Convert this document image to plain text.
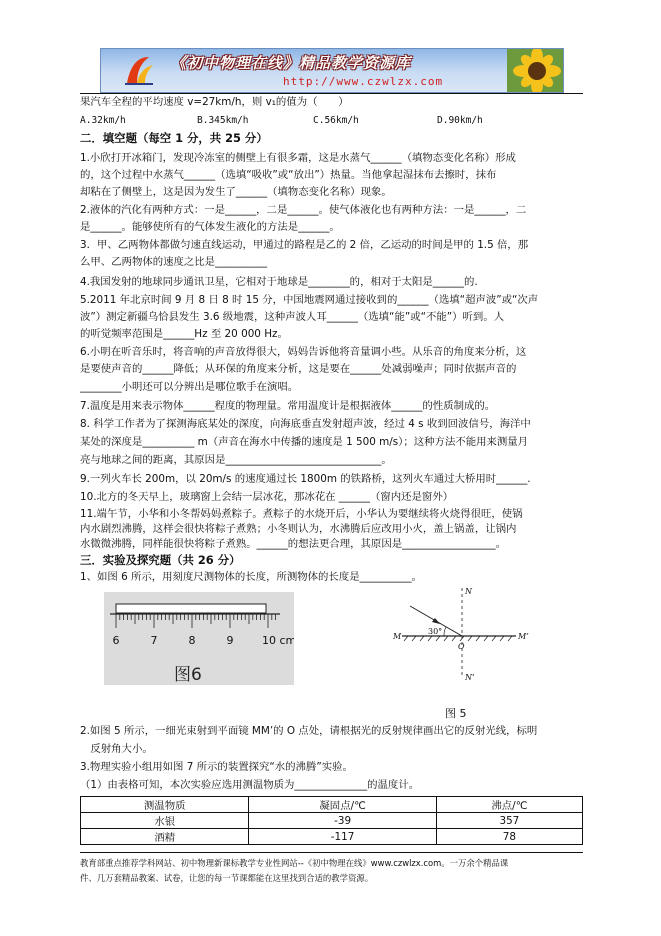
《初中物理在线》精品教学资源库
http://www.czwlzx.com
果汽车全程的平均速度 v=27km/h，则 v₁的值为（　　）
A.32km/h	B.345km/h	C.56km/h	D.90km/h
二．填空题（每空 1 分，共 25 分）
1.小欣打开冰箱门，发现冷冻室的侧壁上有很多霜，这是水蒸气______（填物态变化名称）形成
的，这个过程中水蒸气______（选填“吸收”或“放出”）热量。当他拿起湿抹布去擦时，抹布
却粘在了侧壁上，这是因为发生了______（填物态变化名称）现象。
2.液体的汽化有两种方式：一是______，二是______。使气体液化也有两种方法：一是______，二
是______。能够使所有的气体发生液化的方法是______。
3．甲、乙两物体都做匀速直线运动，甲通过的路程是乙的 2 倍，乙运动的时间是甲的 1.5 倍，那
么甲、乙两物体的速度之比是__________
4.我国发射的地球同步通讯卫星，它相对于地球是________的，相对于太阳是______的.
5.2011 年北京时间 9 月 8 日 8 时 15 分，中国地震网通过接收到的______（选填“超声波”或“次声
波”）测定新疆乌恰县发生 3.6 级地震，这种声波人耳______（选填“能”或“不能”）听到。人
的听觉频率范围是______Hz 至 20 000 Hz。
6.小明在听音乐时，将音响的声音放得很大，妈妈告诉他将音量调小些。从乐音的角度来分析，这
是要使声音的______降低；从环保的角度来分析，这是要在______处减弱噪声；同时依据声音的
________小明还可以分辨出是哪位歌手在演唱。
7.温度是用来表示物体______程度的物理量。常用温度计是根据液体______的性质制成的。
8. 科学工作者为了探测海底某处的深度，向海底垂直发射超声波，经过 4 s 收到回波信号，海洋中
某处的深度是__________ m（声音在海水中传播的速度是 1 500 m/s）；这种方法不能用来测量月
亮与地球之间的距离，其原因是______________________________。
9.一列火车长 200m，以 20m/s 的速度通过长 1800m 的铁路桥，这列火车通过大桥用时______.
10.北方的冬天早上，玻璃窗上会结一层冰花，那冰花在 ______（窗内还是窗外）
11.端午节，小华和小冬帮妈妈煮粽子。煮粽子的水烧开后，小华认为要继续将火烧得很旺，使锅
内水剧烈沸腾，这样会很快将粽子煮熟；小冬则认为，水沸腾后应改用小火，盖上锅盖，让锅内
水微微沸腾，同样能很快将粽子煮熟。______的想法更合理，其原因是__________________。
三．实验及探究题（共 26 分）
1、如图 6 所示，用刻度尺测物体的长度，所测物体的长度是__________。
6	7	8	9	10 cm
图6
N
M	M’
O
N’
30°
图 5
2.如图 5 所示，一细光束射到平面镜 MM’的 O 点处，请根据光的反射规律画出它的反射光线，标明
　反射角大小。
3.物理实验小组用如图 7 所示的装置探究“水的沸腾”实验。
（1）由表格可知，本次实验应选用测温物质为______________的温度计。
测温物质	凝固点/℃	沸点/℃
水银	-39	357
酒精	-117	78
教育部重点推荐学科网站、初中物理新课标教学专业性网站--《初中物理在线》www.czwlzx.com。一万余个精品课
件、几万套精品教案、试卷，让您的每一节课都能在这里找到合适的教学资源。
